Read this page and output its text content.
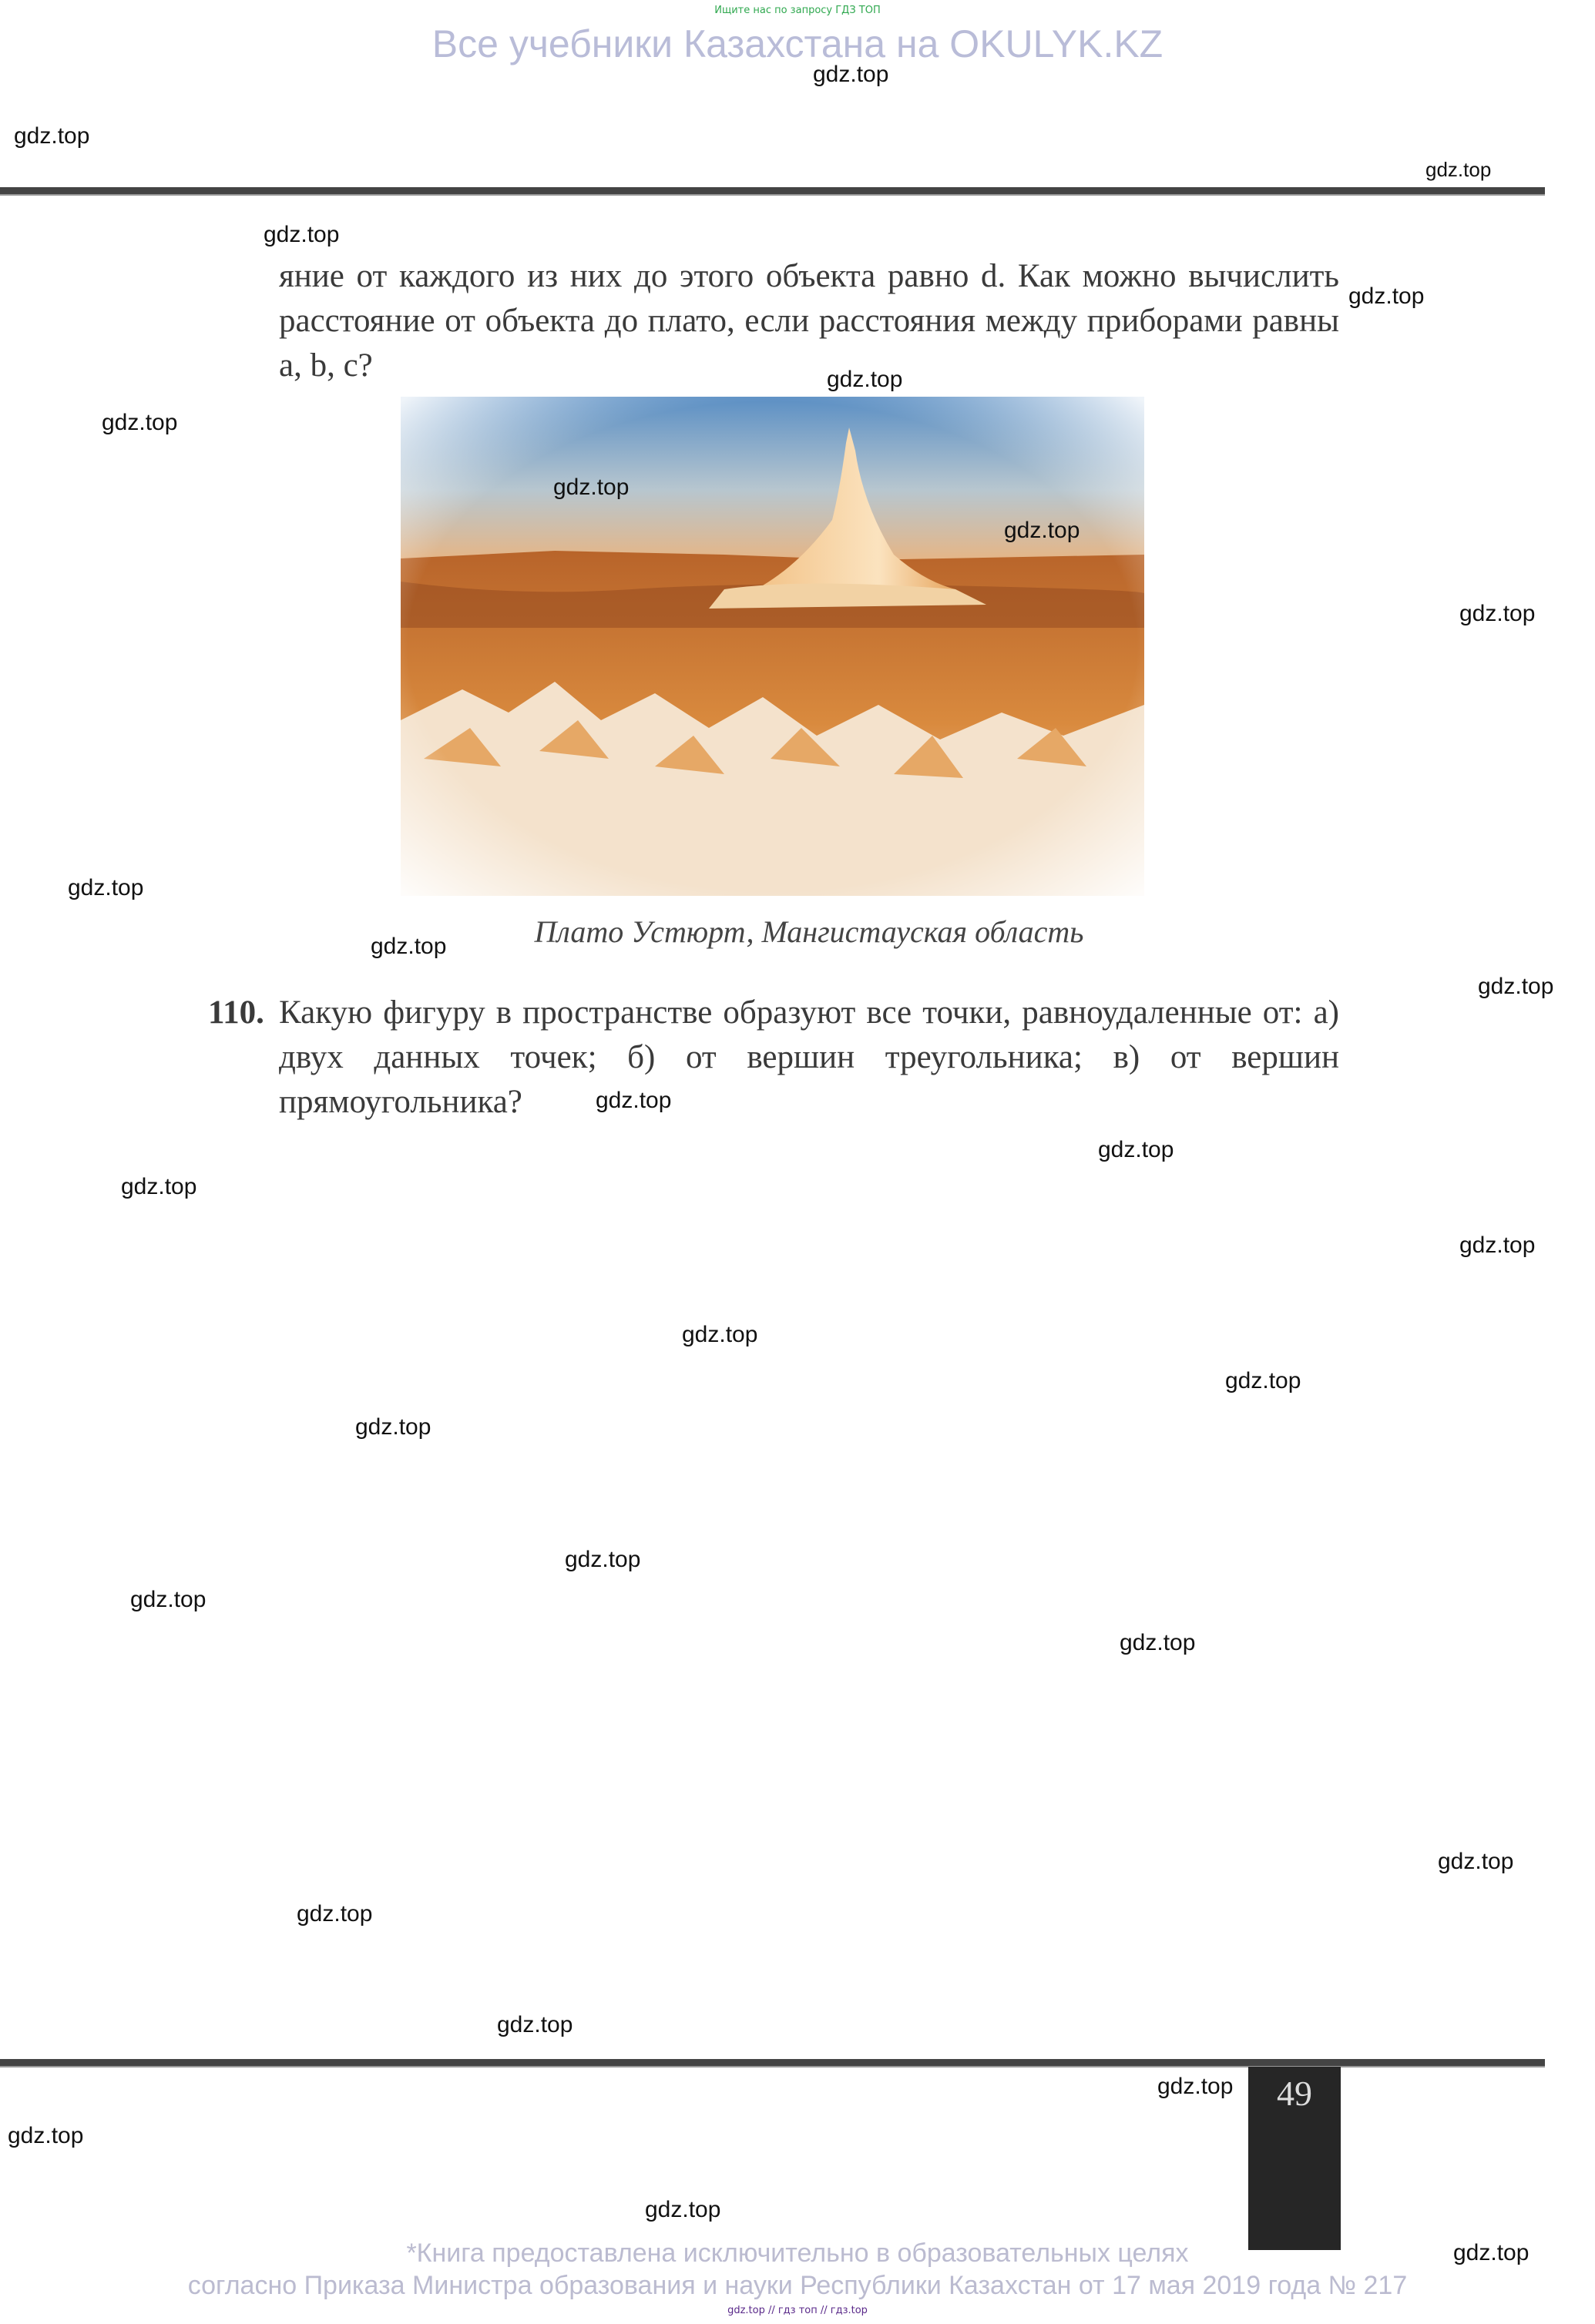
Ищите нас по запросу ГДЗ ТОП
Все учебники Казахстана на OKULYK.KZ
яние от каждого из них до этого объекта равно d. Как можно вычислить расстояние от объекта до плато, если расстояния между приборами равны a, b, c?
Плато Устюрт, Мангистауская область
110. Какую фигуру в пространстве образуют все точки, равноудаленные от: а) двух данных точек; б) от вершин треугольника; в) от вершин прямоугольника?
49
*Книга предоставлена исключительно в образовательных целях
согласно Приказа Министра образования и науки Республики Казахстан от 17 мая 2019 года № 217
gdz.top // гдз топ // гдз.top
gdz.top
gdz.top
gdz.top
gdz.top
gdz.top
gdz.top
gdz.top
gdz.top
gdz.top
gdz.top
gdz.top
gdz.top
gdz.top
gdz.top
gdz.top
gdz.top
gdz.top
gdz.top
gdz.top
gdz.top
gdz.top
gdz.top
gdz.top
gdz.top
gdz.top
gdz.top
gdz.top
gdz.top
gdz.top
gdz.top
